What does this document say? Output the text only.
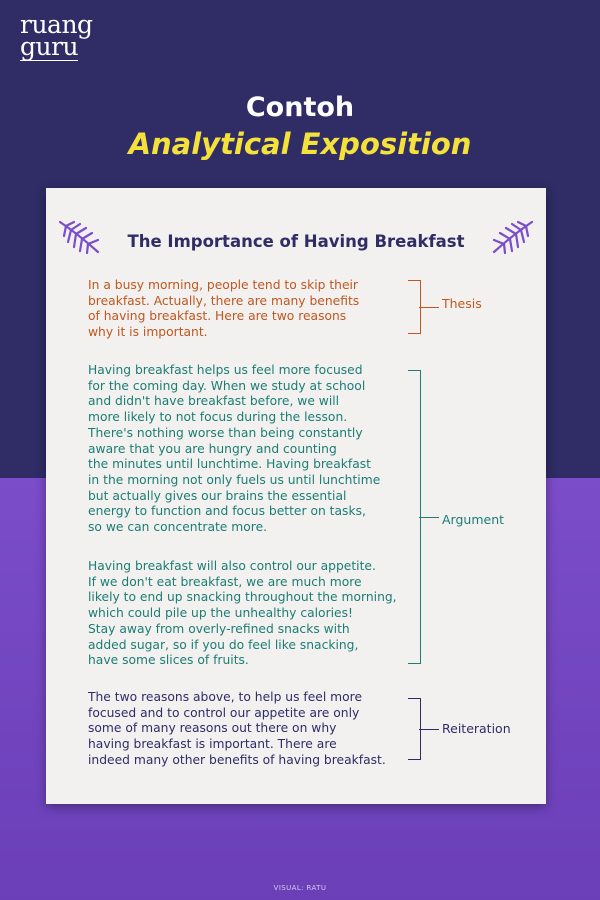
ruang
guru
Contoh
Analytical Exposition
The Importance of Having Breakfast

In a busy morning, people tend to skip their
breakfast. Actually, there are many benefits
of having breakfast. Here are two reasons
why it is important.

Having breakfast helps us feel more focused
for the coming day. When we study at school
and didn't have breakfast before, we will
more likely to not focus during the lesson.
There's nothing worse than being constantly
aware that you are hungry and counting
the minutes until lunchtime. Having breakfast
in the morning not only fuels us until lunchtime
but actually gives our brains the essential
energy to function and focus better on tasks,
so we can concentrate more.

Having breakfast will also control our appetite.
If we don't eat breakfast, we are much more
likely to end up snacking throughout the morning,
which could pile up the unhealthy calories!
Stay away from overly-refined snacks with
added sugar, so if you do feel like snacking,
have some slices of fruits.

The two reasons above, to help us feel more
focused and to control our appetite are only
some of many reasons out there on why
having breakfast is important. There are
indeed many other benefits of having breakfast.

Thesis
Argument
Reiteration
VISUAL: RATU
